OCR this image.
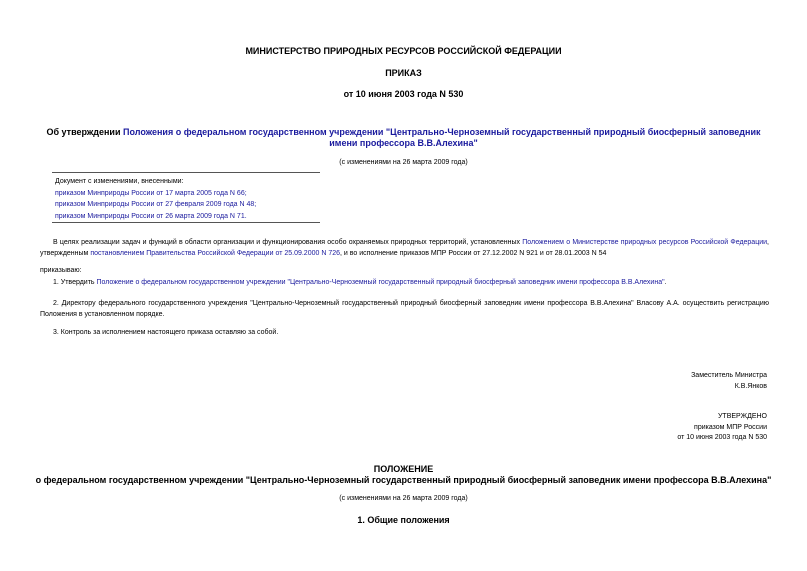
МИНИСТЕРСТВО ПРИРОДНЫХ РЕСУРСОВ РОССИЙСКОЙ ФЕДЕРАЦИИ
ПРИКАЗ
от 10 июня 2003 года N 530
Об утверждении Положения о федеральном государственном учреждении "Центрально-Черноземный государственный природный биосферный заповедник
имени профессора В.В.Алехина"
(с изменениями на 26 марта 2009 года)
Документ с изменениями, внесенными:
приказом Минприроды России от 17 марта 2005 года N 66;
приказом Минприроды России от 27 февраля 2009 года N 48;
приказом Минприроды России от 26 марта 2009 года N 71.
В целях реализации задач и функций в области организации и функционирования особо охраняемых природных территорий, установленных Положением о Министерстве природных ресурсов Российской Федерации, утвержденным постановлением Правительства Российской Федерации от 25.09.2000 N 726, и во исполнение приказов МПР России от 27.12.2002 N 921 и от 28.01.2003 N 54
приказываю:
1. Утвердить Положение о федеральном государственном учреждении "Центрально-Черноземный государственный природный биосферный заповедник имени профессора В.В.Алехина".
2. Директору федерального государственного учреждения "Центрально-Черноземный государственный природный биосферный заповедник имени профессора В.В.Алехина" Власову А.А. осуществить регистрацию Положения в установленном порядке.
3. Контроль за исполнением настоящего приказа оставляю за собой.
Заместитель Министра
К.В.Янков
УТВЕРЖДЕНО
приказом МПР России
от 10 июня 2003 года N 530
ПОЛОЖЕНИЕ
о федеральном государственном учреждении "Центрально-Черноземный государственный природный биосферный заповедник имени профессора В.В.Алехина"
(с изменениями на 26 марта 2009 года)
1. Общие положения
